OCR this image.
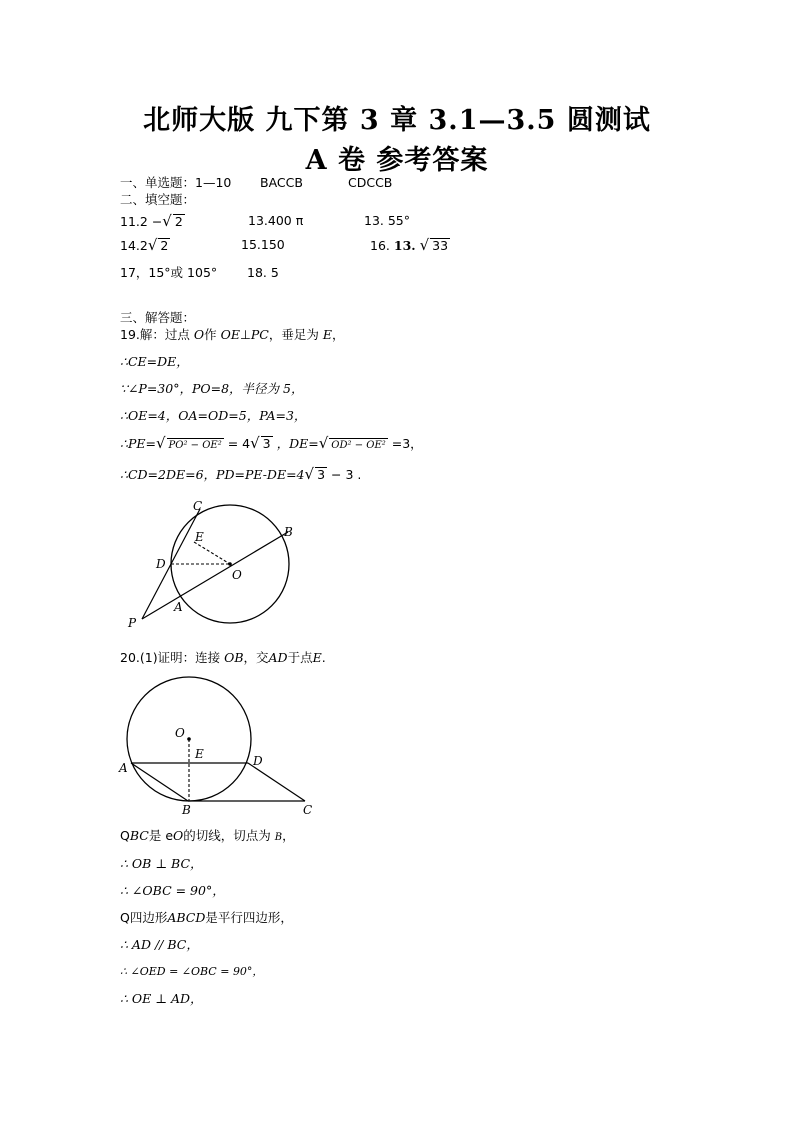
北师大版 九下第 3 章 3.1—3.5 圆测试
A 卷 参考答案
一、单选题：1—10 BACCB	CDCCB
二、填空题：
11.2 −√ 2	13.400 π	13. 55°
14.2√ 2	15.150	16. 13. √ 33
17，15°或 105° 18. 5
三、解答题：
19.解：过点 O作 OE⊥PC，垂足为 E，
∴CE=DE，
∵∠P=30°，PO=8，半径为 5，
∴OE=4，OA=OD=5，PA=3，
∴PE=√ PO² − OE² = 4√ 3 ，DE=√ OD² − OE² =3，
∴CD=2DE=6，PD=PE-DE=4√ 3 − 3 .
C
E	B
D
O
A
P
20.(1)证明：连接 OB，交AD于点E.
O
E	D
A
B	C
QBC是 eO的切线，切点为 B，
∴ OB ⊥ BC，
∴ ∠OBC = 90°，
Q四边形ABCD是平行四边形，
∴ AD // BC，
∴ ∠OED = ∠OBC = 90°，
∴ OE ⊥ AD，
